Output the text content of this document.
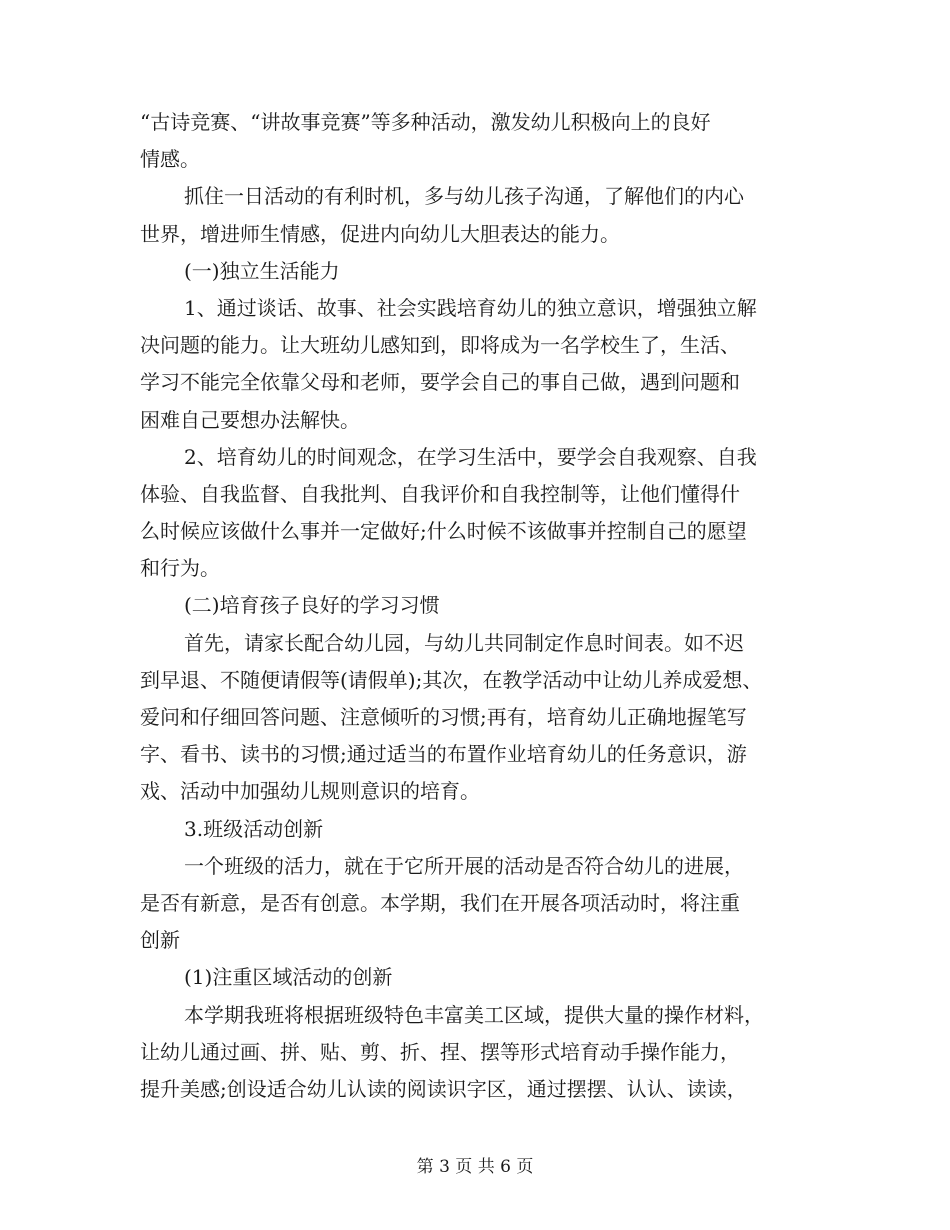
“古诗竞赛、“讲故事竞赛”等多种活动，激发幼儿积极向上的良好
情感。
抓住一日活动的有利时机，多与幼儿孩子沟通，了解他们的内心
世界，增进师生情感，促进内向幼儿大胆表达的能力。
(一)独立生活能力
1、通过谈话、故事、社会实践培育幼儿的独立意识，增强独立解
决问题的能力。让大班幼儿感知到，即将成为一名学校生了，生活、
学习不能完全依靠父母和老师，要学会自己的事自己做，遇到问题和
困难自己要想办法解快。
2、培育幼儿的时间观念，在学习生活中，要学会自我观察、自我
体验、自我监督、自我批判、自我评价和自我控制等，让他们懂得什
么时候应该做什么事并一定做好;什么时候不该做事并控制自己的愿望
和行为。
(二)培育孩子良好的学习习惯
首先，请家长配合幼儿园，与幼儿共同制定作息时间表。如不迟
到早退、不随便请假等(请假单);其次，在教学活动中让幼儿养成爱想、
爱问和仔细回答问题、注意倾听的习惯;再有，培育幼儿正确地握笔写
字、看书、读书的习惯;通过适当的布置作业培育幼儿的任务意识，游
戏、活动中加强幼儿规则意识的培育。
3.班级活动创新
一个班级的活力，就在于它所开展的活动是否符合幼儿的进展，
是否有新意，是否有创意。本学期，我们在开展各项活动时，将注重
创新
(1)注重区域活动的创新
本学期我班将根据班级特色丰富美工区域，提供大量的操作材料，
让幼儿通过画、拼、贴、剪、折、捏、摆等形式培育动手操作能力，
提升美感;创设适合幼儿认读的阅读识字区，通过摆摆、认认、读读，
第 3 页 共 6 页
